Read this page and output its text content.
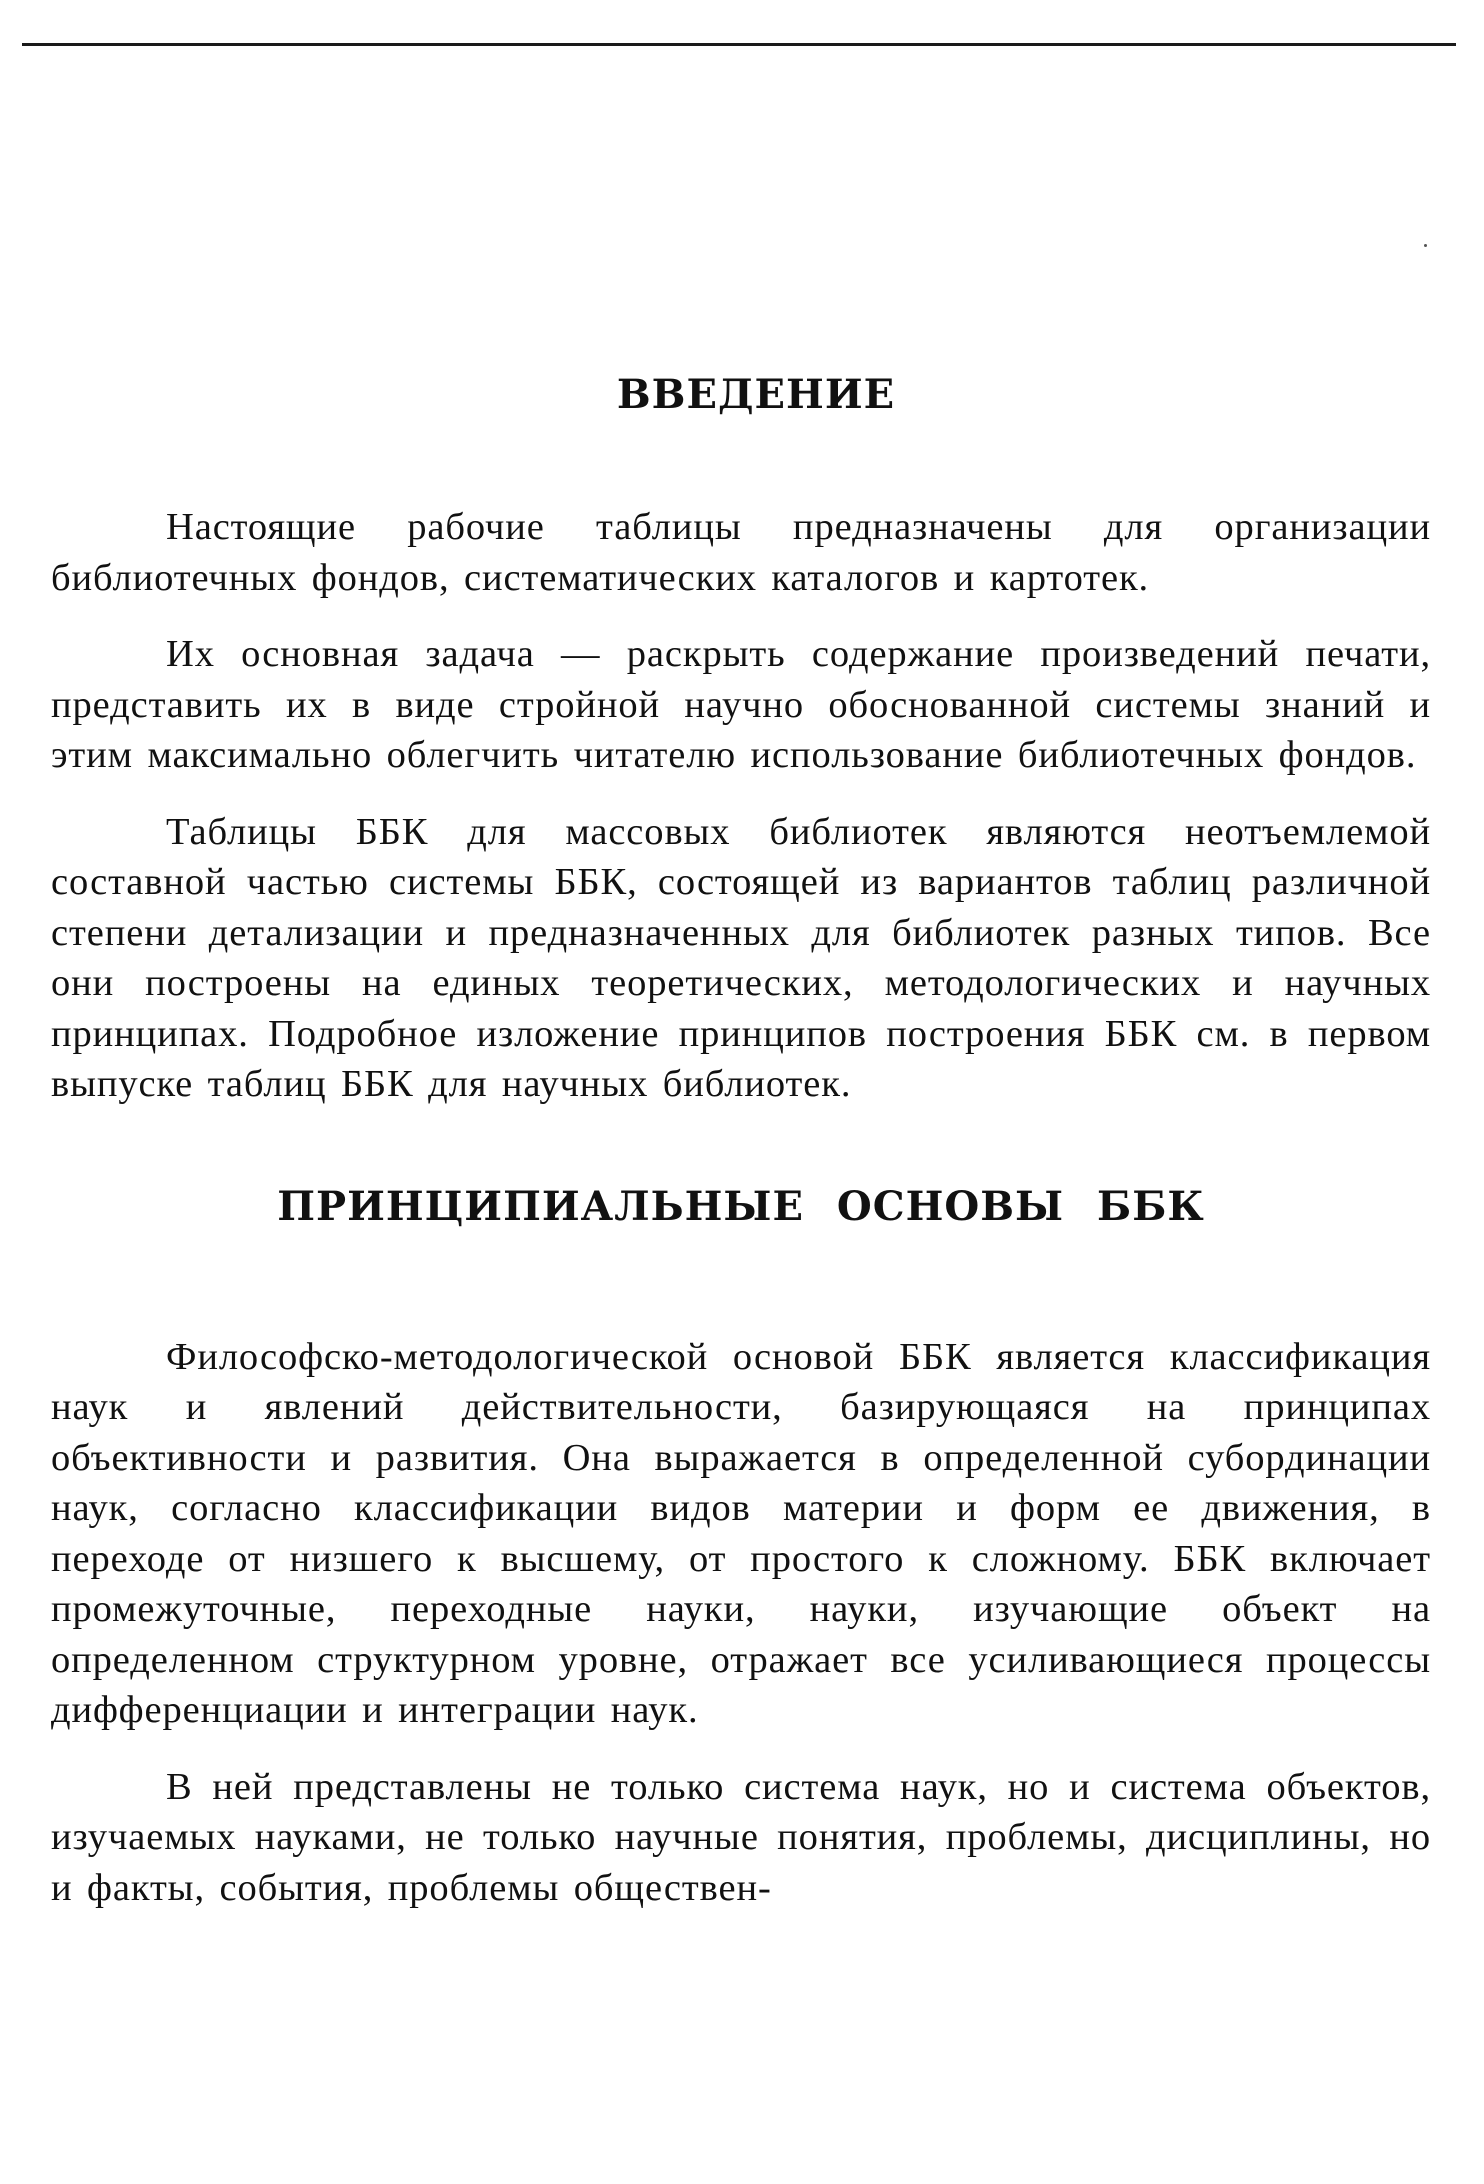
ВВЕДЕНИЕ

Настоящие рабочие таблицы предназначены для организации библиотечных фондов, систематических каталогов и картотек.

Их основная задача — раскрыть содержание произведений печати, представить их в виде стройной научно обоснованной системы знаний и этим максимально облегчить читателю использование библиотечных фондов.

Таблицы ББК для массовых библиотек являются неотъемлемой составной частью системы ББК, состоящей из вариантов таблиц различной степени детализации и предназначенных для библиотек разных типов. Все они построены на единых теоретических, методологических и научных принципах. Подробное изложение принципов построения ББК см. в первом выпуске таблиц ББК для научных библиотек.

ПРИНЦИПИАЛЬНЫЕ ОСНОВЫ ББК

Философско-методологической основой ББК является классификация наук и явлений действительности, базирующаяся на принципах объективности и развития. Она выражается в определенной субординации наук, согласно классификации видов материи и форм ее движения, в переходе от низшего к высшему, от простого к сложному. ББК включает промежуточные, переходные науки, науки, изучающие объект на определенном структурном уровне, отражает все усиливающиеся процессы дифференциации и интеграции наук.

В ней представлены не только система наук, но и система объектов, изучаемых науками, не только научные понятия, проблемы, дисциплины, но и факты, события, проблемы обществен-
